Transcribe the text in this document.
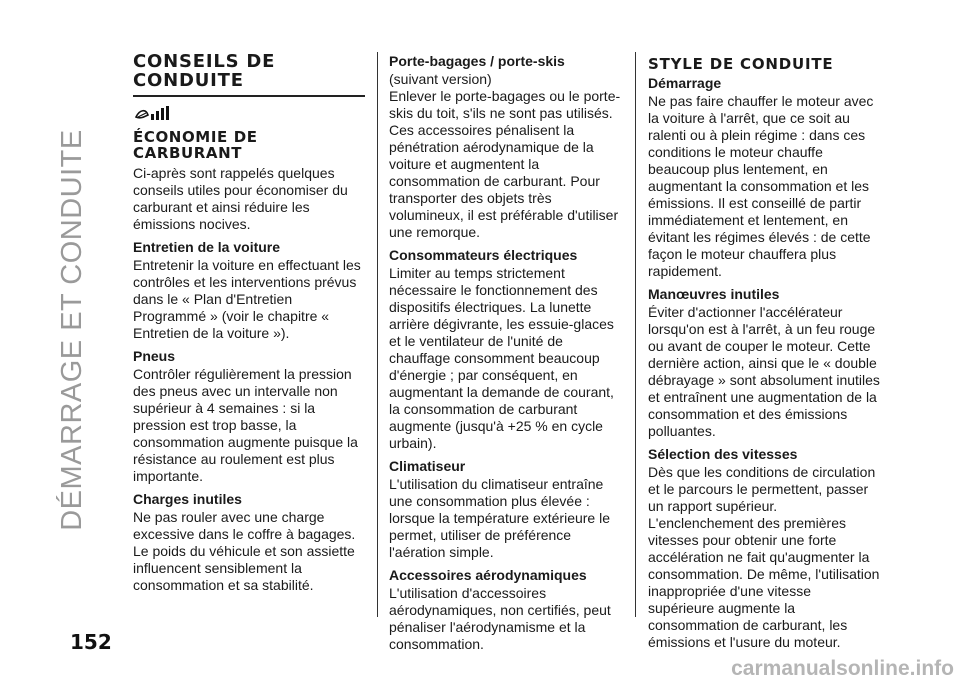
DÉMARRAGE ET CONDUITE
152
CONSEILS DE CONDUITE
ÉCONOMIE DE CARBURANT

Ci-après sont rappelés quelques conseils utiles pour économiser du carburant et ainsi réduire les émissions nocives.

Entretien de la voiture

Entretenir la voiture en effectuant les contrôles et les interventions prévus dans le « Plan d'Entretien Programmé » (voir le chapitre « Entretien de la voiture »).

Pneus

Contrôler régulièrement la pression des pneus avec un intervalle non supérieur à 4 semaines : si la pression est trop basse, la consommation augmente puisque la résistance au roulement est plus importante.

Charges inutiles

Ne pas rouler avec une charge excessive dans le coffre à bagages. Le poids du véhicule et son assiette influencent sensiblement la consommation et sa stabilité.

Porte-bagages / porte-skis

(suivant version)

Enlever le porte-bagages ou le porte-skis du toit, s'ils ne sont pas utilisés. Ces accessoires pénalisent la pénétration aérodynamique de la voiture et augmentent la consommation de carburant. Pour transporter des objets très volumineux, il est préférable d'utiliser une remorque.

Consommateurs électriques

Limiter au temps strictement nécessaire le fonctionnement des dispositifs électriques. La lunette arrière dégivrante, les essuie-glaces et le ventilateur de l'unité de chauffage consomment beaucoup d'énergie ; par conséquent, en augmentant la demande de courant, la consommation de carburant augmente (jusqu'à +25 % en cycle urbain).

Climatiseur

L'utilisation du climatiseur entraîne une consommation plus élevée : lorsque la température extérieure le permet, utiliser de préférence l'aération simple.

Accessoires aérodynamiques

L'utilisation d'accessoires aérodynamiques, non certifiés, peut pénaliser l'aérodynamisme et la consommation.

STYLE DE CONDUITE
Démarrage

Ne pas faire chauffer le moteur avec la voiture à l'arrêt, que ce soit au ralenti ou à plein régime : dans ces conditions le moteur chauffe beaucoup plus lentement, en augmentant la consommation et les émissions. Il est conseillé de partir immédiatement et lentement, en évitant les régimes élevés : de cette façon le moteur chauffera plus rapidement.

Manœuvres inutiles

Éviter d'actionner l'accélérateur lorsqu'on est à l'arrêt, à un feu rouge ou avant de couper le moteur. Cette dernière action, ainsi que le « double débrayage » sont absolument inutiles et entraînent une augmentation de la consommation et des émissions polluantes.

Sélection des vitesses

Dès que les conditions de circulation et le parcours le permettent, passer un rapport supérieur. L'enclenchement des premières vitesses pour obtenir une forte accélération ne fait qu'augmenter la consommation. De même, l'utilisation inappropriée d'une vitesse supérieure augmente la consommation de carburant, les émissions et l'usure du moteur.

carmanualsonline.info
